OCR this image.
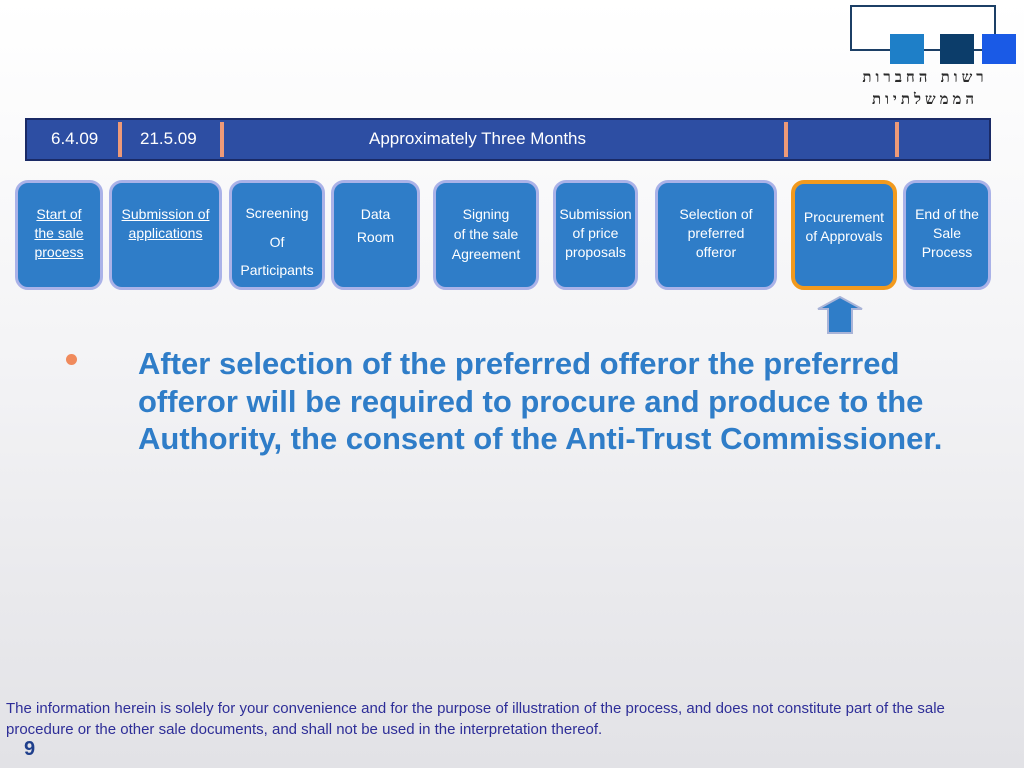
רשות החברות
הממשלתיות
6.4.09 21.5.09	Approximately Three Months
Start of
the sale
process
Submission of
applications
Screening
Of
Participants
Data
Room
Signing
of the sale
Agreement
Submission
of price
proposals
Selection of
preferred
offeror
Procurement
of Approvals
End of the
Sale
Process
After selection of the preferred offeror the preferred offeror will be required to procure and produce to the Authority, the consent of the Anti-Trust Commissioner.
The information herein is solely for your convenience and for the purpose of illustration of the process, and does not constitute part of the sale procedure or the other sale documents, and shall not be used in the interpretation thereof.
9
